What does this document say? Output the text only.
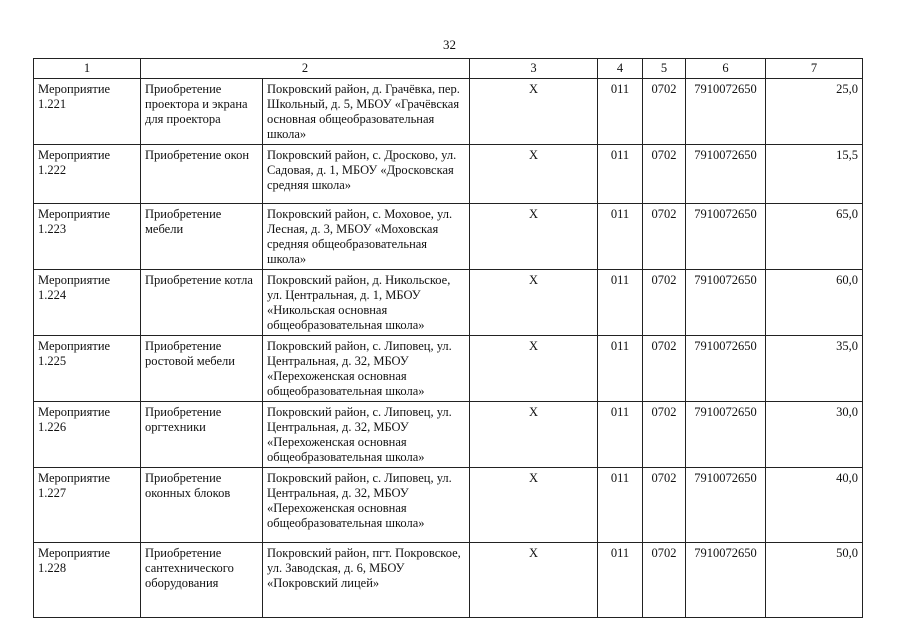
32
1	2		3	4	5	6	7
Мероприятие 1.221	Приобретение проектора и экрана для проектора	Покровский район, д. Грачёвка, пер. Школьный, д. 5, МБОУ «Грачёвская основная общеобразовательная школа»	Х	011	0702	7910072650	25,0
Мероприятие 1.222	Приобретение окон	Покровский район, с. Дросково, ул. Садовая, д. 1, МБОУ «Дросковская средняя школа»	Х	011	0702	7910072650	15,5
Мероприятие 1.223	Приобретение мебели	Покровский район, с. Моховое, ул. Лесная, д. 3, МБОУ «Моховская средняя общеобразовательная школа»	Х	011	0702	7910072650	65,0
Мероприятие 1.224	Приобретение котла	Покровский район, д. Никольское, ул. Центральная, д. 1, МБОУ «Никольская основная общеобразовательная школа»	Х	011	0702	7910072650	60,0
Мероприятие 1.225	Приобретение ростовой мебели	Покровский район, с. Липовец, ул. Центральная, д. 32, МБОУ «Перехоженская основная общеобразовательная школа»	Х	011	0702	7910072650	35,0
Мероприятие 1.226	Приобретение оргтехники	Покровский район, с. Липовец, ул. Центральная, д. 32, МБОУ «Перехоженская основная общеобразовательная школа»	Х	011	0702	7910072650	30,0
Мероприятие 1.227	Приобретение оконных блоков	Покровский район, с. Липовец, ул. Центральная, д. 32, МБОУ «Перехоженская основная общеобразовательная школа»	Х	011	0702	7910072650	40,0
Мероприятие 1.228	Приобретение сантехнического оборудования	Покровский район, пгт. Покровское, ул. Заводская, д. 6, МБОУ «Покровский лицей»	Х	011	0702	7910072650	50,0
